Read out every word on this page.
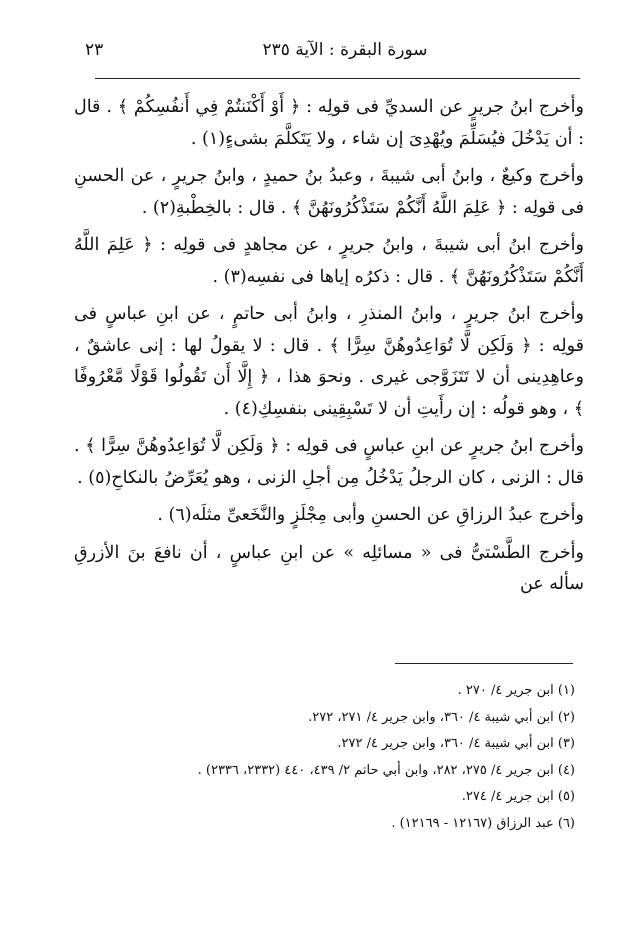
سورة البقرة : الآية ٢٣٥
٢٣

وأخرج ابنُ جريرٍ عن السديِّ فى قولِه : ﴿ أَوْ أَكْنَنتُمْ فِي أَنفُسِكُمْ ﴾ . قال : أن يَدْخُلَ فيُسَلِّمَ ويُهْدِىَ إن شاء ، ولا يَتَكلَّمَ بشىءٍ(١) .

وأخرج وكيعٌ ، وابنُ أبى شيبةَ ، وعبدُ بنُ حميدٍ ، وابنُ جريرٍ ، عن الحسنِ فى قولِه : ﴿ عَلِمَ اللَّهُ أَنَّكُمْ سَتَذْكُرُونَهُنَّ ﴾ . قال : بالخِطْبةِ(٢) .

وأخرج ابنُ أبى شيبةَ ، وابنُ جريرٍ ، عن مجاهدٍ فى قولِه : ﴿ عَلِمَ اللَّهُ أَنَّكُمْ سَتَذْكُرُونَهُنَّ ﴾ . قال : ذكرُه إياها فى نفسِه(٣) .

وأخرج ابنُ جريرٍ ، وابنُ المنذرِ ، وابنُ أبى حاتمٍ ، عن ابنِ عباسٍ فى قولِه : ﴿ وَلَكِن لَّا تُوَاعِدُوهُنَّ سِرًّا ﴾ . قال : لا يقولُ لها : إنى عاشقٌ ، وعاهِدِينى أن لا تَتَزَوَّجى غيرى . ونحوَ هذا ، ﴿ إِلَّا أَن تَقُولُوا قَوْلًا مَّعْرُوفًا ﴾ ، وهو قولُه : إن رأَيتِ أن لا تَسْبِقِينى بنفسِكِ(٤) .

وأخرج ابنُ جريرٍ عن ابنِ عباسٍ فى قولِه : ﴿ وَلَكِن لَّا تُوَاعِدُوهُنَّ سِرًّا ﴾ . قال : الزنى ، كان الرجلُ يَدْخُلُ مِن أجلِ الزنى ، وهو يُعَرِّضُ بالنكاحِ(٥) .

وأخرج عبدُ الرزاقِ عن الحسنِ وأبى مِجْلَزٍ والنَّخَعىِّ مثلَه(٦) .

وأخرج الطَّسْتىُّ فى « مسائلِه » عن ابنِ عباسٍ ، أن نافعَ بنَ الأزرقِ سأله عن

(١) ابن جرير ٤/ ٢٧٠ .
(٢) ابن أبي شيبة ٤/ ٣٦٠، وابن جرير ٤/ ٢٧١، ٢٧٢.
(٣) ابن أبي شيبة ٤/ ٣٦٠، وابن جرير ٤/ ٢٧٢.
(٤) ابن جرير ٤/ ٢٧٥، ٢٨٢، وابن أبي حاتم ٢/ ٤٣٩، ٤٤٠ (٢٣٣٢، ٢٣٣٦) .
(٥) ابن جرير ٤/ ٢٧٤.
(٦) عبد الرزاق (١٢١٦٧ - ١٢١٦٩) .
